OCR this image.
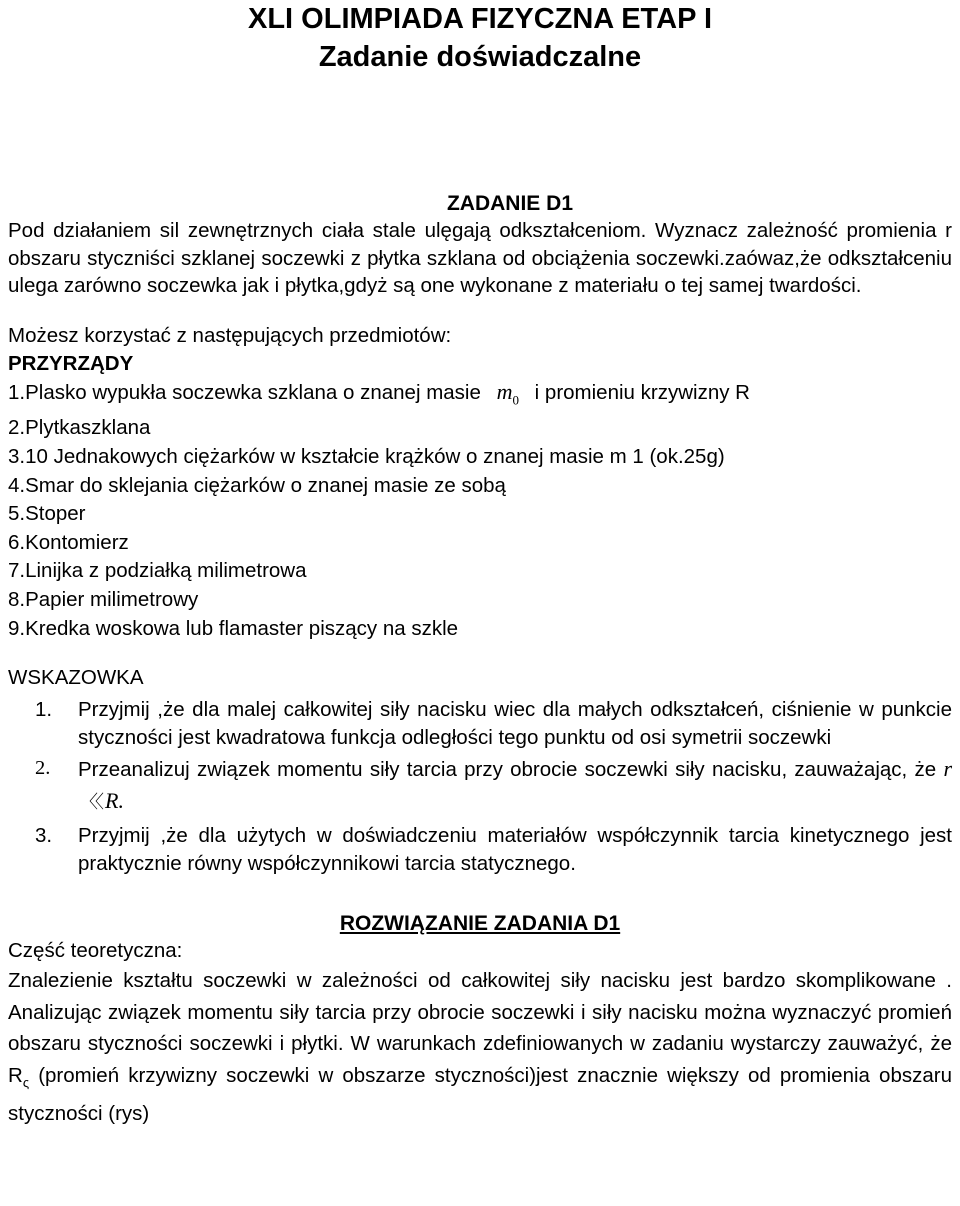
XLI OLIMPIADA FIZYCZNA ETAP I
Zadanie doświadczalne
ZADANIE D1

Pod działaniem sil zewnętrznych ciała stale ulęgają odkształceniom. Wyznacz zależność promienia r obszaru styczniści szklanej soczewki z płytka szklana od obciążenia soczewki.zaówaz,że odkształceniu ulega zarówno soczewka jak i płytka,gdyż są one wykonane z materiału o tej samej twardości.

Możesz korzystać z następujących przedmiotów:
PRZYRZĄDY
1.Plasko wypukła soczewka szklana o znanej masie $m_0$ i promieniu krzywizny R
2.Plytkaszklana
3.10 Jednakowych ciężarków w kształcie krążków o znanej masie m 1 (ok.25g)
4.Smar do sklejania ciężarków o znanej masie ze sobą
5.Stoper
6.Kontomierz
7.Linijka z podziałką milimetrowa
8.Papier milimetrowy
9.Kredka woskowa lub flamaster piszący na szkle
WSKAZOWKA
1. Przyjmij ,że dla malej całkowitej siły nacisku wiec dla małych odkształceń, ciśnienie w punkcie styczności jest kwadratowa funkcja odległości tego punktu od osi symetrii soczewki
2. Przeanalizuj związek momentu siły tarcia przy obrocie soczewki siły nacisku, zauważając, że r〈〈 R.
3. Przyjmij ,że dla użytych w doświadczeniu materiałów współczynnik tarcia kinetycznego jest praktycznie równy współczynnikowi tarcia statycznego.
ROZWIĄZANIE ZADANIA D1
Część teoretyczna:

Znalezienie kształtu soczewki w zależności od całkowitej siły nacisku jest bardzo skomplikowane . Analizując związek momentu siły tarcia przy obrocie soczewki i siły nacisku można wyznaczyć promień obszaru styczności soczewki i płytki. W warunkach zdefiniowanych w zadaniu wystarczy zauważyć, że $R_\varsigma$ (promień krzywizny soczewki w obszarze styczności)jest znacznie większy od promienia obszaru styczności (rys)
